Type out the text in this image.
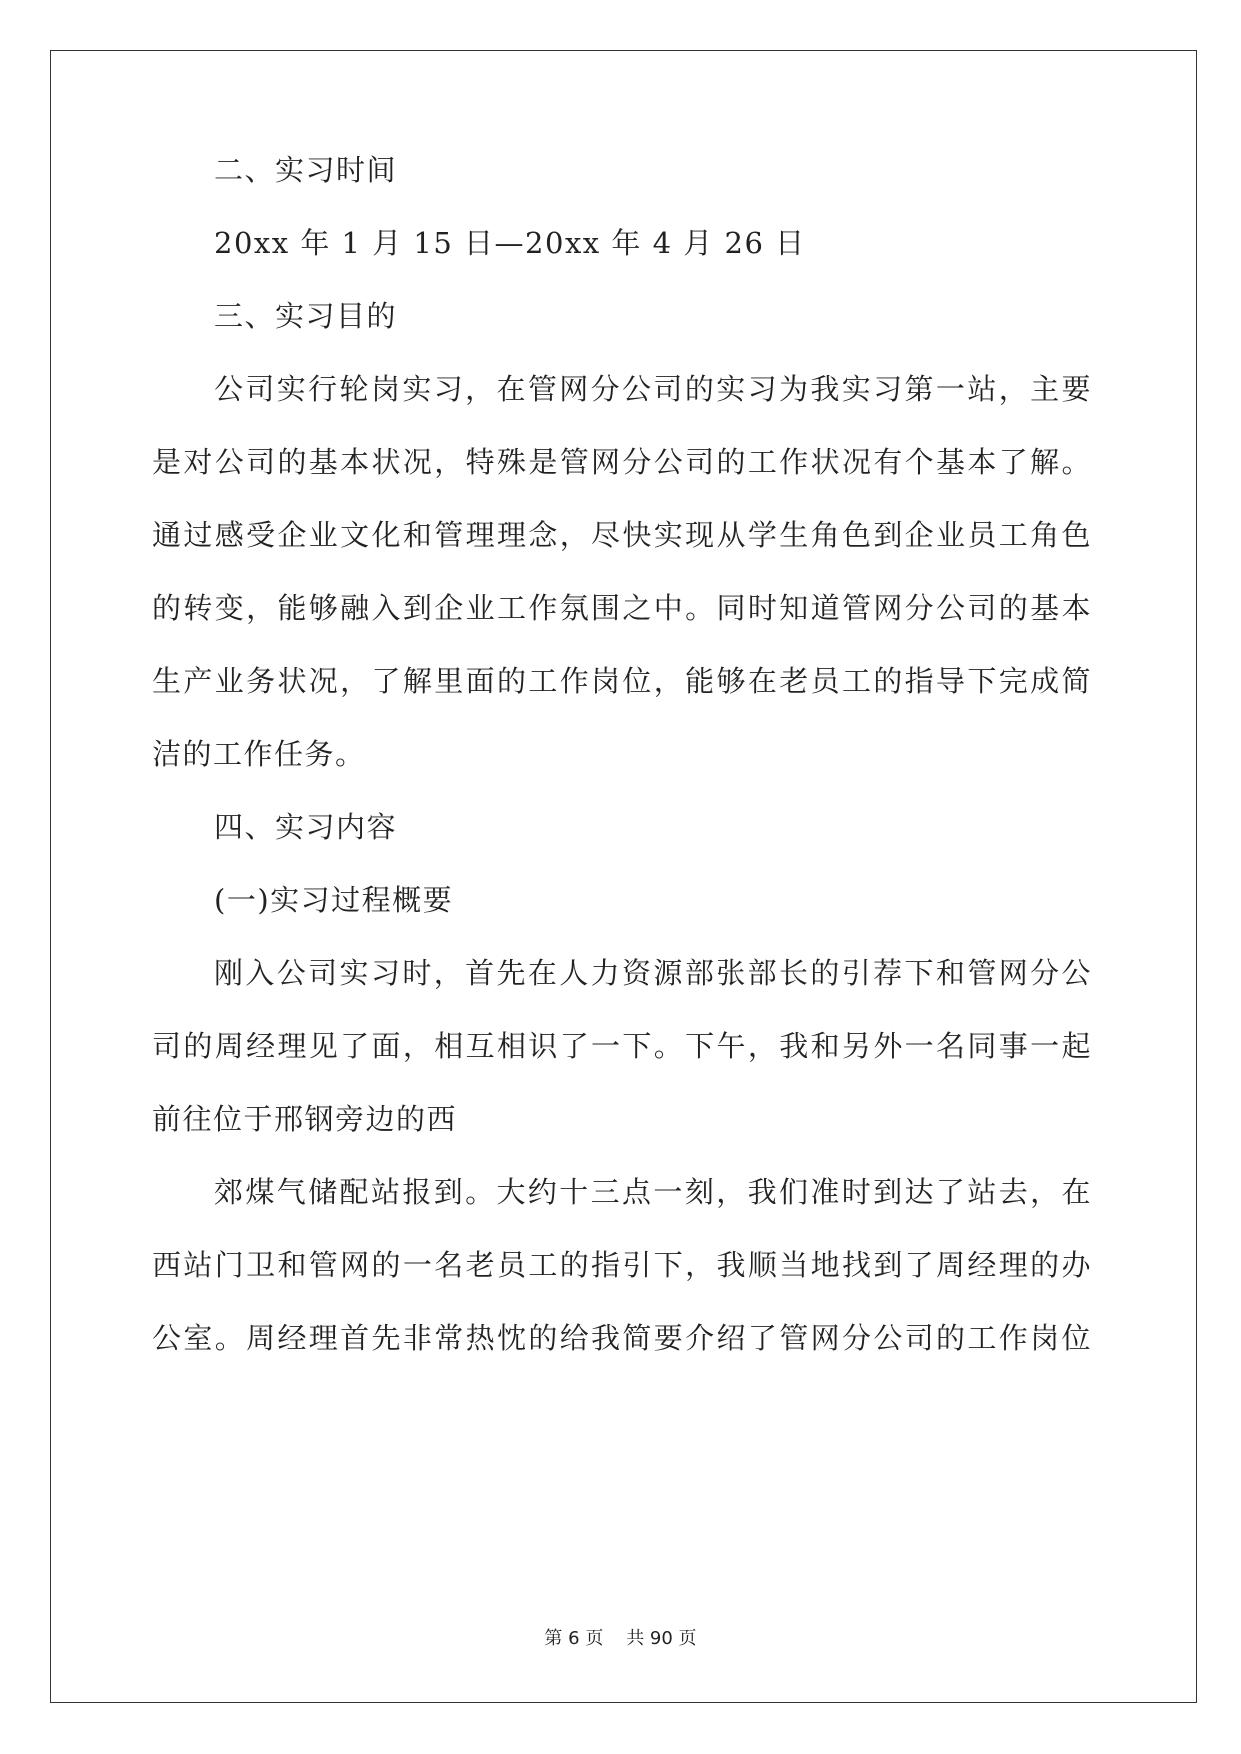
二、实习时间
20xx 年 1 月 15 日—20xx 年 4 月 26 日
三、实习目的
公司实行轮岗实习，在管网分公司的实习为我实习第一站，主要
是对公司的基本状况，特殊是管网分公司的工作状况有个基本了解。
通过感受企业文化和管理理念，尽快实现从学生角色到企业员工角色
的转变，能够融入到企业工作氛围之中。同时知道管网分公司的基本
生产业务状况，了解里面的工作岗位，能够在老员工的指导下完成简
洁的工作任务。
四、实习内容
(一)实习过程概要
刚入公司实习时，首先在人力资源部张部长的引荐下和管网分公
司的周经理见了面，相互相识了一下。下午，我和另外一名同事一起
前往位于邢钢旁边的西
郊煤气储配站报到。大约十三点一刻，我们准时到达了站去，在
西站门卫和管网的一名老员工的指引下，我顺当地找到了周经理的办
公室。周经理首先非常热忱的给我简要介绍了管网分公司的工作岗位
第 6 页    共 90 页
